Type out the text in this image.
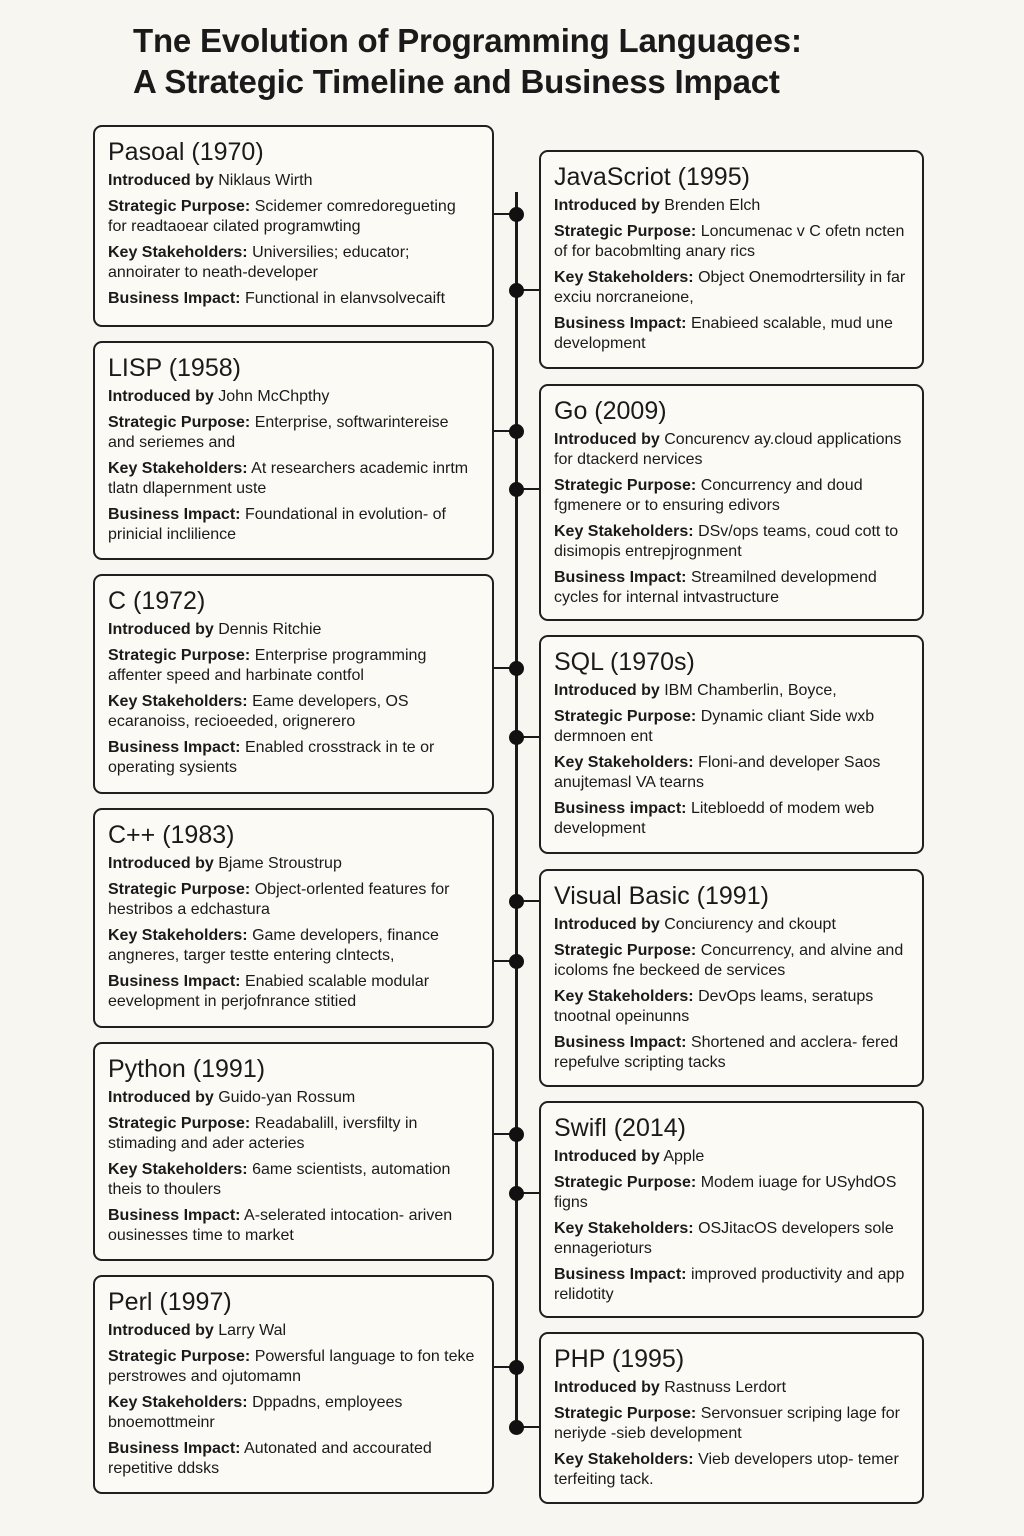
Tne Evolution of Programming Languages:
A Strategic Timeline and Business Impact
Pasoal (1970)
Introduced by Niklaus Wirth
Strategic Purpose: Scidemer comredoregueting for readtaoear cilated programwting
Key Stakeholders: Universilies; educator; annoirater to neath-developer
Business Impact: Functional in elanvsolvecaift
LISP (1958)
Introduced by John McChpthy
Strategic Purpose: Enterprise, softwarintereise and seriemes and
Key Stakeholders: At researchers academic inrtm tlatn dlapernment uste
Business Impact: Foundational in evolution- of prinicial inclilience
C (1972)
Introduced by Dennis Ritchie
Strategic Purpose: Enterprise programming affenter speed and harbinate contfol
Key Stakeholders: Eame developers, OS ecaranoiss, recioeeded, orignerero
Business Impact: Enabled crosstrack in te or operating sysients
C++ (1983)
Introduced by Bjame Stroustrup
Strategic Purpose: Object-orlented features for hestribos a edchastura
Key Stakeholders: Game developers, finance angneres, targer testte entering clntects,
Business Impact: Enabied scalable modular eevelopment in perjofnrance stitied
Python (1991)
Introduced by Guido-yan Rossum
Strategic Purpose: Readabalill, iversfilty in stimading and ader acteries
Key Stakeholders: 6ame scientists, automation theis to thoulers
Business Impact: A-selerated intocation- ariven ousinesses time to market
Perl (1997)
Introduced by Larry Wal
Strategic Purpose: Powersful language to fon teke perstrowes and ojutomamn
Key Stakeholders: Dppadns, employees bnoemottmeinr
Business Impact: Autonated and accourated repetitive ddsks
JavaScriot (1995)
Introduced by Brenden Elch
Strategic Purpose: Loncumenac v C ofetn ncten of for bacobmlting anary rics
Key Stakeholders: Object Onemodrtersility in far exciu norcraneione,
Business Impact: Enabieed scalable, mud une development
Go (2009)
Introduced by Concurencv ay.cloud applications for dtackerd nervices
Strategic Purpose: Concurrency and doud fgmenere or to ensuring edivors
Key Stakeholders: DSv/ops teams, coud cott to disimopis entrepjrognment
Business Impact: Streamilned developmend cycles for internal intvastructure
SQL (1970s)
Introduced by IBM Chamberlin, Boyce,
Strategic Purpose: Dynamic cliant Side wxb dermnoen ent
Key Stakeholders: Floni-and developer Saos anujtemasl VA tearns
Business impact: Liteblоedd of modem web development
Visual Basic (1991)
Introduced by Conciurency and ckoupt
Strategic Purpose: Concurrency, and alvine and icoloms fne beckeed de services
Key Stakeholders: DevOps leams, seratups tnootnal opeinunns
Business Impact: Shortened and acclera- fered repefulve scripting tacks
Swifl (2014)
Introduced by Apple
Strategic Purpose: Modem iuage for USyhdOS figns
Key Stakeholders: OSJitacOS developers sole ennagerioturs
Business Impact: improved productivity and app relidotity
PHP (1995)
Introduced by Rastnuss Lerdort
Strategic Purpose: Servonsuer scriping lage for neriyde -sieb development
Key Stakeholders: Vieb developers utop- temer terfeiting tack.
